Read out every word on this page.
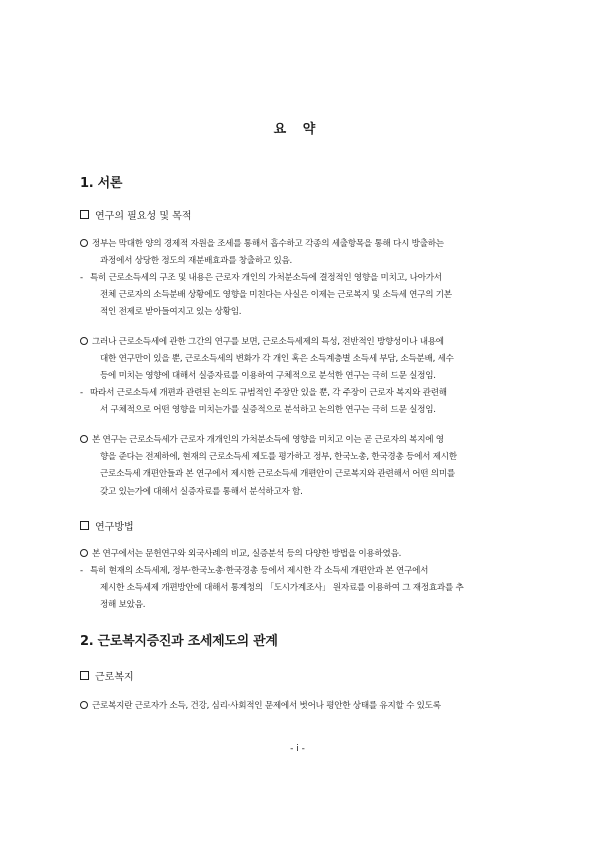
요 약
1. 서론
연구의 필요성 및 목적
정부는 막대한 양의 경제적 자원을 조세를 통해서 흡수하고 각종의 세출항목을 통해 다시 방출하는
과정에서 상당한 정도의 재분배효과를 창출하고 있음.
- 특히 근로소득세의 구조 및 내용은 근로자 개인의 가처분소득에 결정적인 영향을 미치고, 나아가서
전체 근로자의 소득분배 상황에도 영향을 미친다는 사실은 이제는 근로복지 및 소득세 연구의 기본
적인 전제로 받아들여지고 있는 상황임.
그러나 근로소득세에 관한 그간의 연구를 보면, 근로소득세제의 특성, 전반적인 방향성이나 내용에
대한 연구만이 있을 뿐, 근로소득세의 변화가 각 개인 혹은 소득계층별 소득세 부담, 소득분배, 세수
등에 미치는 영향에 대해서 실증자료를 이용하여 구체적으로 분석한 연구는 극히 드문 실정임.
- 따라서 근로소득세 개편과 관련된 논의도 규범적인 주장만 있을 뿐, 각 주장이 근로자 복지와 관련해
서 구체적으로 어떤 영향을 미치는가를 실증적으로 분석하고 논의한 연구는 극히 드문 실정임.
본 연구는 근로소득세가 근로자 개개인의 가처분소득에 영향을 미치고 이는 곧 근로자의 복지에 영
향을 준다는 전제하에, 현재의 근로소득세 제도를 평가하고 정부, 한국노총, 한국경총 등에서 제시한
근로소득세 개편안들과 본 연구에서 제시한 근로소득세 개편안이 근로복지와 관련해서 어떤 의미를
갖고 있는가에 대해서 실증자료를 통해서 분석하고자 함.
연구방법
본 연구에서는 문헌연구와 외국사례의 비교, 실증분석 등의 다양한 방법을 이용하였음.
- 특히 현재의 소득세제, 정부·한국노총·한국경총 등에서 제시한 각 소득세 개편안과 본 연구에서
제시한 소득세제 개편방안에 대해서 통계청의 「도시가계조사」 원자료를 이용하여 그 재정효과를 추
정해 보았음.
2. 근로복지증진과 조세제도의 관계
근로복지
근로복지란 근로자가 소득, 건강, 심리·사회적인 문제에서 벗어나 평안한 상태를 유지할 수 있도록
- i -
